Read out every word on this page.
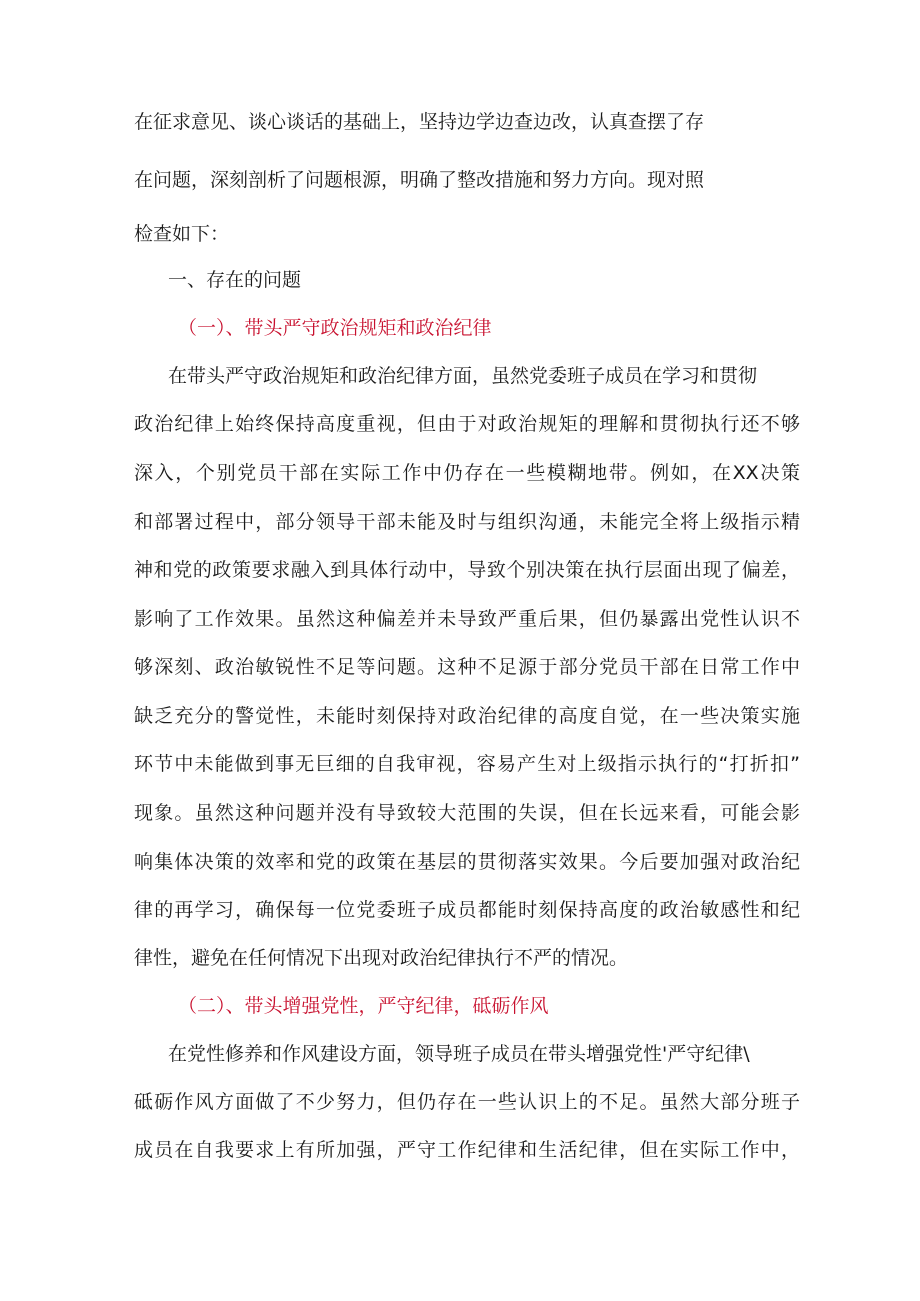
在征求意见、谈心谈话的基础上，坚持边学边查边改，认真查摆了存
在问题，深刻剖析了问题根源，明确了整改措施和努力方向。现对照
检查如下：
一、存在的问题
（一）、带头严守政治规矩和政治纪律
在带头严守政治规矩和政治纪律方面，虽然党委班子成员在学习和贯彻
政治纪律上始终保持高度重视，但由于对政治规矩的理解和贯彻执行还不够
深入，个别党员干部在实际工作中仍存在一些模糊地带。例如，在XX决策
和部署过程中，部分领导干部未能及时与组织沟通，未能完全将上级指示精
神和党的政策要求融入到具体行动中，导致个别决策在执行层面出现了偏差，
影响了工作效果。虽然这种偏差并未导致严重后果，但仍暴露出党性认识不
够深刻、政治敏锐性不足等问题。这种不足源于部分党员干部在日常工作中
缺乏充分的警觉性，未能时刻保持对政治纪律的高度自觉，在一些决策实施
环节中未能做到事无巨细的自我审视，容易产生对上级指示执行的“打折扣”
现象。虽然这种问题并没有导致较大范围的失误，但在长远来看，可能会影
响集体决策的效率和党的政策在基层的贯彻落实效果。今后要加强对政治纪
律的再学习，确保每一位党委班子成员都能时刻保持高度的政治敏感性和纪
律性，避免在任何情况下出现对政治纪律执行不严的情况。
（二）、带头增强党性，严守纪律，砥砺作风
在党性修养和作风建设方面，领导班子成员在带头增强党性'严守纪律\
砥砺作风方面做了不少努力，但仍存在一些认识上的不足。虽然大部分班子
成员在自我要求上有所加强，严守工作纪律和生活纪律，但在实际工作中，
